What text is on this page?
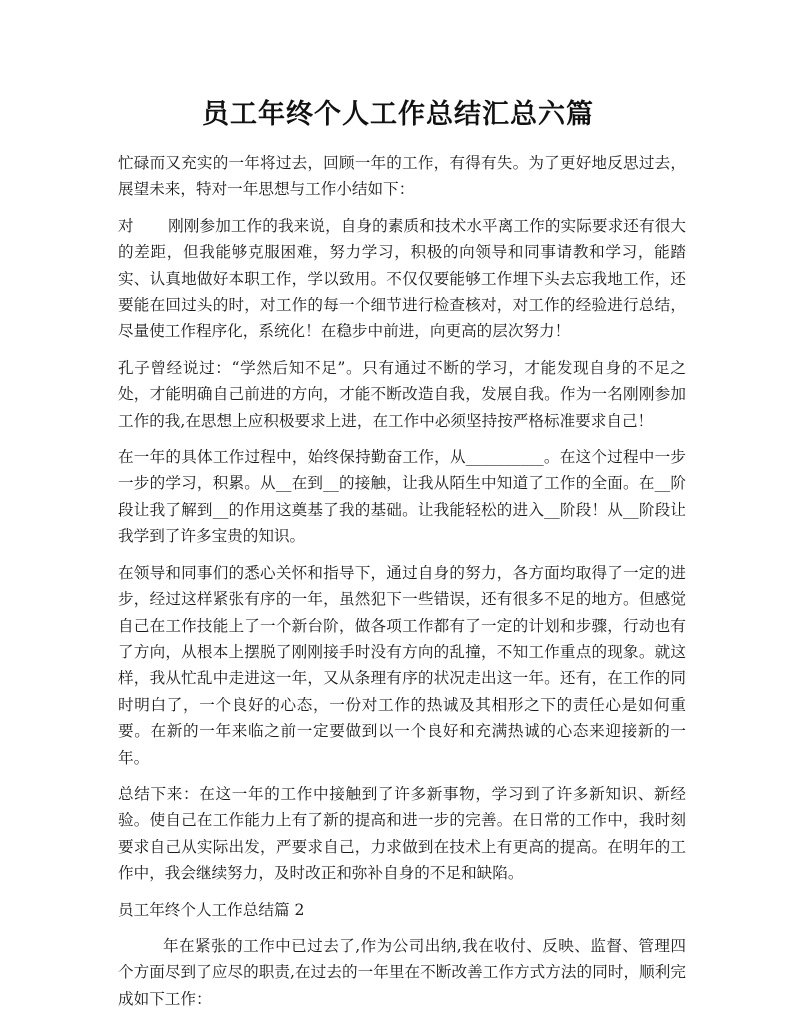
员工年终个人工作总结汇总六篇

忙碌而又充实的一年将过去，回顾一年的工作，有得有失。为了更好地反思过去，展望未来，特对一年思想与工作小结如下：

对 刚刚参加工作的我来说，自身的素质和技术水平离工作的实际要求还有很大的差距，但我能够克服困难，努力学习，积极的向领导和同事请教和学习，能踏实、认真地做好本职工作，学以致用。不仅仅要能够工作埋下头去忘我地工作，还要能在回过头的时，对工作的每一个细节进行检查核对，对工作的经验进行总结，尽量使工作程序化，系统化！在稳步中前进，向更高的层次努力！

孔子曾经说过：“学然后知不足”。只有通过不断的学习，才能发现自身的不足之处，才能明确自己前进的方向，才能不断改造自我，发展自我。作为一名刚刚参加工作的我,在思想上应积极要求上进，在工作中必须坚持按严格标准要求自己！

在一年的具体工作过程中，始终保持勤奋工作，从__________。在这个过程中一步一步的学习，积累。从__在到__的接触，让我从陌生中知道了工作的全面。在__阶段让我了解到__的作用这奠基了我的基础。让我能轻松的进入__阶段！从__阶段让我学到了许多宝贵的知识。

在领导和同事们的悉心关怀和指导下，通过自身的努力，各方面均取得了一定的进步，经过这样紧张有序的一年，虽然犯下一些错误，还有很多不足的地方。但感觉自己在工作技能上了一个新台阶，做各项工作都有了一定的计划和步骤，行动也有了方向，从根本上摆脱了刚刚接手时没有方向的乱撞，不知工作重点的现象。就这样，我从忙乱中走进这一年，又从条理有序的状况走出这一年。还有，在工作的同时明白了，一个良好的心态，一份对工作的热诚及其相形之下的责任心是如何重要。在新的一年来临之前一定要做到以一个良好和充满热诚的心态来迎接新的一年。

总结下来：在这一年的工作中接触到了许多新事物，学习到了许多新知识、新经验。使自己在工作能力上有了新的提高和进一步的完善。在日常的工作中，我时刻要求自己从实际出发，严要求自己，力求做到在技术上有更高的提高。在明年的工作中，我会继续努力，及时改正和弥补自身的不足和缺陷。

员工年终个人工作总结篇 2

年在紧张的工作中已过去了,作为公司出纳,我在收付、反映、监督、管理四个方面尽到了应尽的职责,在过去的一年里在不断改善工作方式方法的同时，顺利完成如下工作：
